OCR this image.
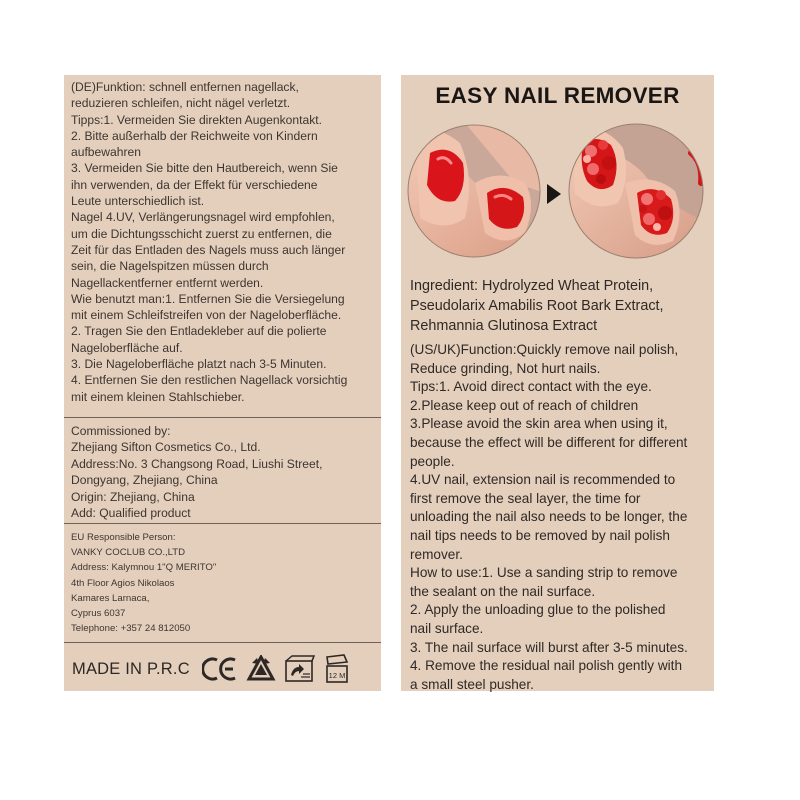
(DE)Funktion: schnell entfernen nagellack,

reduzieren schleifen, nicht nägel verletzt.

Tipps:1. Vermeiden Sie direkten Augenkontakt.

2. Bitte außerhalb der Reichweite von Kindern

aufbewahren

3. Vermeiden Sie bitte den Hautbereich, wenn Sie

ihn verwenden, da der Effekt für verschiedene

Leute unterschiedlich ist.

Nagel 4.UV, Verlängerungsnagel wird empfohlen,

um die Dichtungsschicht zuerst zu entfernen, die

Zeit für das Entladen des Nagels muss auch länger

sein, die Nagelspitzen müssen durch

Nagellackentferner entfernt werden.

Wie benutzt man:1. Entfernen Sie die Versiegelung

mit einem Schleifstreifen von der Nageloberfläche.

2. Tragen Sie den Entladekleber auf die polierte

Nageloberfläche auf.

3. Die Nageloberfläche platzt nach 3-5 Minuten.

4. Entfernen Sie den restlichen Nagellack vorsichtig

mit einem kleinen Stahlschieber.

Commissioned by:

Zhejiang Sifton Cosmetics Co., Ltd.

Address:No. 3 Changsong Road, Liushi Street,

Dongyang, Zhejiang, China

Origin: Zhejiang, China

Add: Qualified product

EU Responsible Person:

VANKY COCLUB CO.,LTD

Address: Kalymnou 1"Q MERITO"

4th Floor Agios Nikolaos

Kamares Larnaca,

Cyprus 6037

Telephone: +357 24 812050

MADE IN P.R.C	12 M
EASY NAIL REMOVER

Ingredient: Hydrolyzed Wheat Protein,

Pseudolarix Amabilis Root Bark Extract,

Rehmannia Glutinosa Extract

(US/UK)Function:Quickly remove nail polish,

Reduce grinding, Not hurt nails.

Tips:1. Avoid direct contact with the eye.

2.Please keep out of reach of children

3.Please avoid the skin area when using it,

because the effect will be different for different

people.

4.UV nail, extension nail is recommended to

first remove the seal layer, the time for

unloading the nail also needs to be longer, the

nail tips needs to be removed by nail polish

remover.

How to use:1. Use a sanding strip to remove

the sealant on the nail surface.

2. Apply the unloading glue to the polished

nail surface.

3. The nail surface will burst after 3-5 minutes.

4. Remove the residual nail polish gently with

a small steel pusher.
